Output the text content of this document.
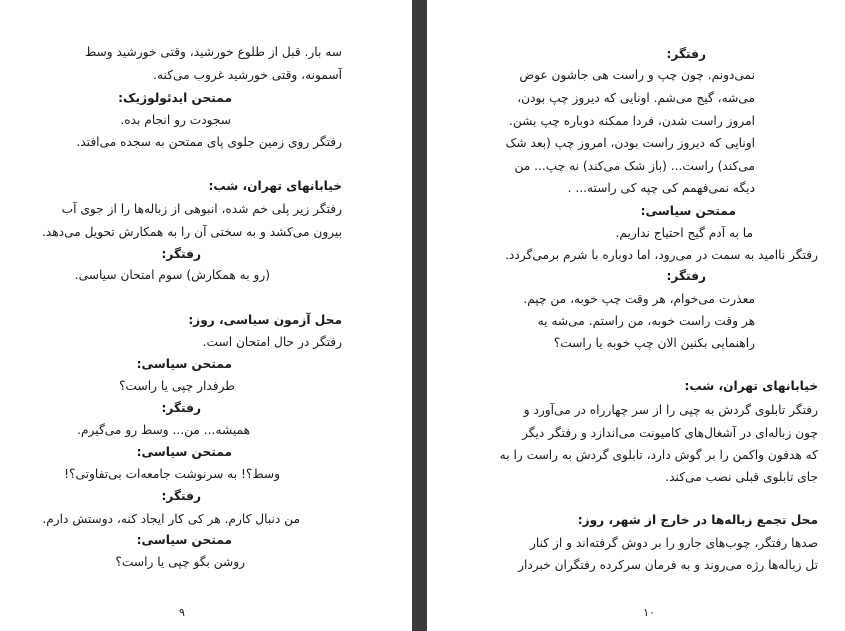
سه بار. قبل از طلوع خورشید، وقتی خورشید وسط
آسمونه، وقتی خورشید غروب می‌کنه.
ممتحن ایدئولوژیک:
سجودت رو انجام بده.
رفتگر روی زمین جلوی پای ممتحن به سجده می‌افتد.
خیابانهای تهران، شب:
رفتگر زیر پلی خم شده، انبوهی از زباله‌ها را از جوی آب
بیرون می‌کشد و به سختی آن را به همکارش تحویل می‌دهد.
رفتگر:
(رو به همکارش) سوم امتحان سیاسی.
محل آزمون سیاسی، روز:
رفتگر در حال امتحان است.
ممتحن سیاسی:
طرفدار چپی یا راست؟
رفتگر:
همیشه... من... وسط رو می‌گیرم.
ممتحن سیاسی:
وسط؟! به سرنوشت جامعه‌ات بی‌تفاوتی؟!
رفتگر:
من دنبال کارم. هر کی کار ایجاد کنه، دوستش دارم.
ممتحن سیاسی:
روشن بگو چپی یا راست؟
۹
رفتگر:
نمی‌دونم. چون چپ و راست هی جاشون عوض
می‌شه، گیج می‌شم. اونایی که دیروز چپ بودن،
امروز راست شدن، فردا ممکنه دوباره چپ بشن.
اونایی که دیروز راست بودن، امروز چپ (بعد شک
می‌کند) راست... (باز شک می‌کند) نه چپ... من
دیگه نمی‌فهمم کی چپه کی راسته... .
ممتحن سیاسی:
ما به آدم گیج احتیاج نداریم.
رفتگر ناامید به سمت در می‌رود، اما دوباره با شرم برمی‌گردد.
رفتگر:
معذرت می‌خوام، هر وقت چپ خوبه، من چپم.
هر وقت راست خوبه، من راستم. می‌شه یه
راهنمایی بکنین الان چپ خوبه یا راست؟
خیابانهای تهران، شب:
رفتگر تابلوی گردش به چپی را از سر چهارراه در می‌آورد و
چون زباله‌ای در آشغال‌های کامیونت می‌اندازد و رفتگر دیگر
که هدفون واکمن را بر گوش دارد، تابلوی گردش به راست را به
جای تابلوی قبلی نصب می‌کند.
محل تجمع زباله‌ها در خارج از شهر، روز:
صدها رفتگر، چوب‌های جارو را بر دوش گرفته‌اند و از کنار
تل زباله‌ها رژه می‌روند و به فرمان سرکرده رفتگران خبردار
۱۰
